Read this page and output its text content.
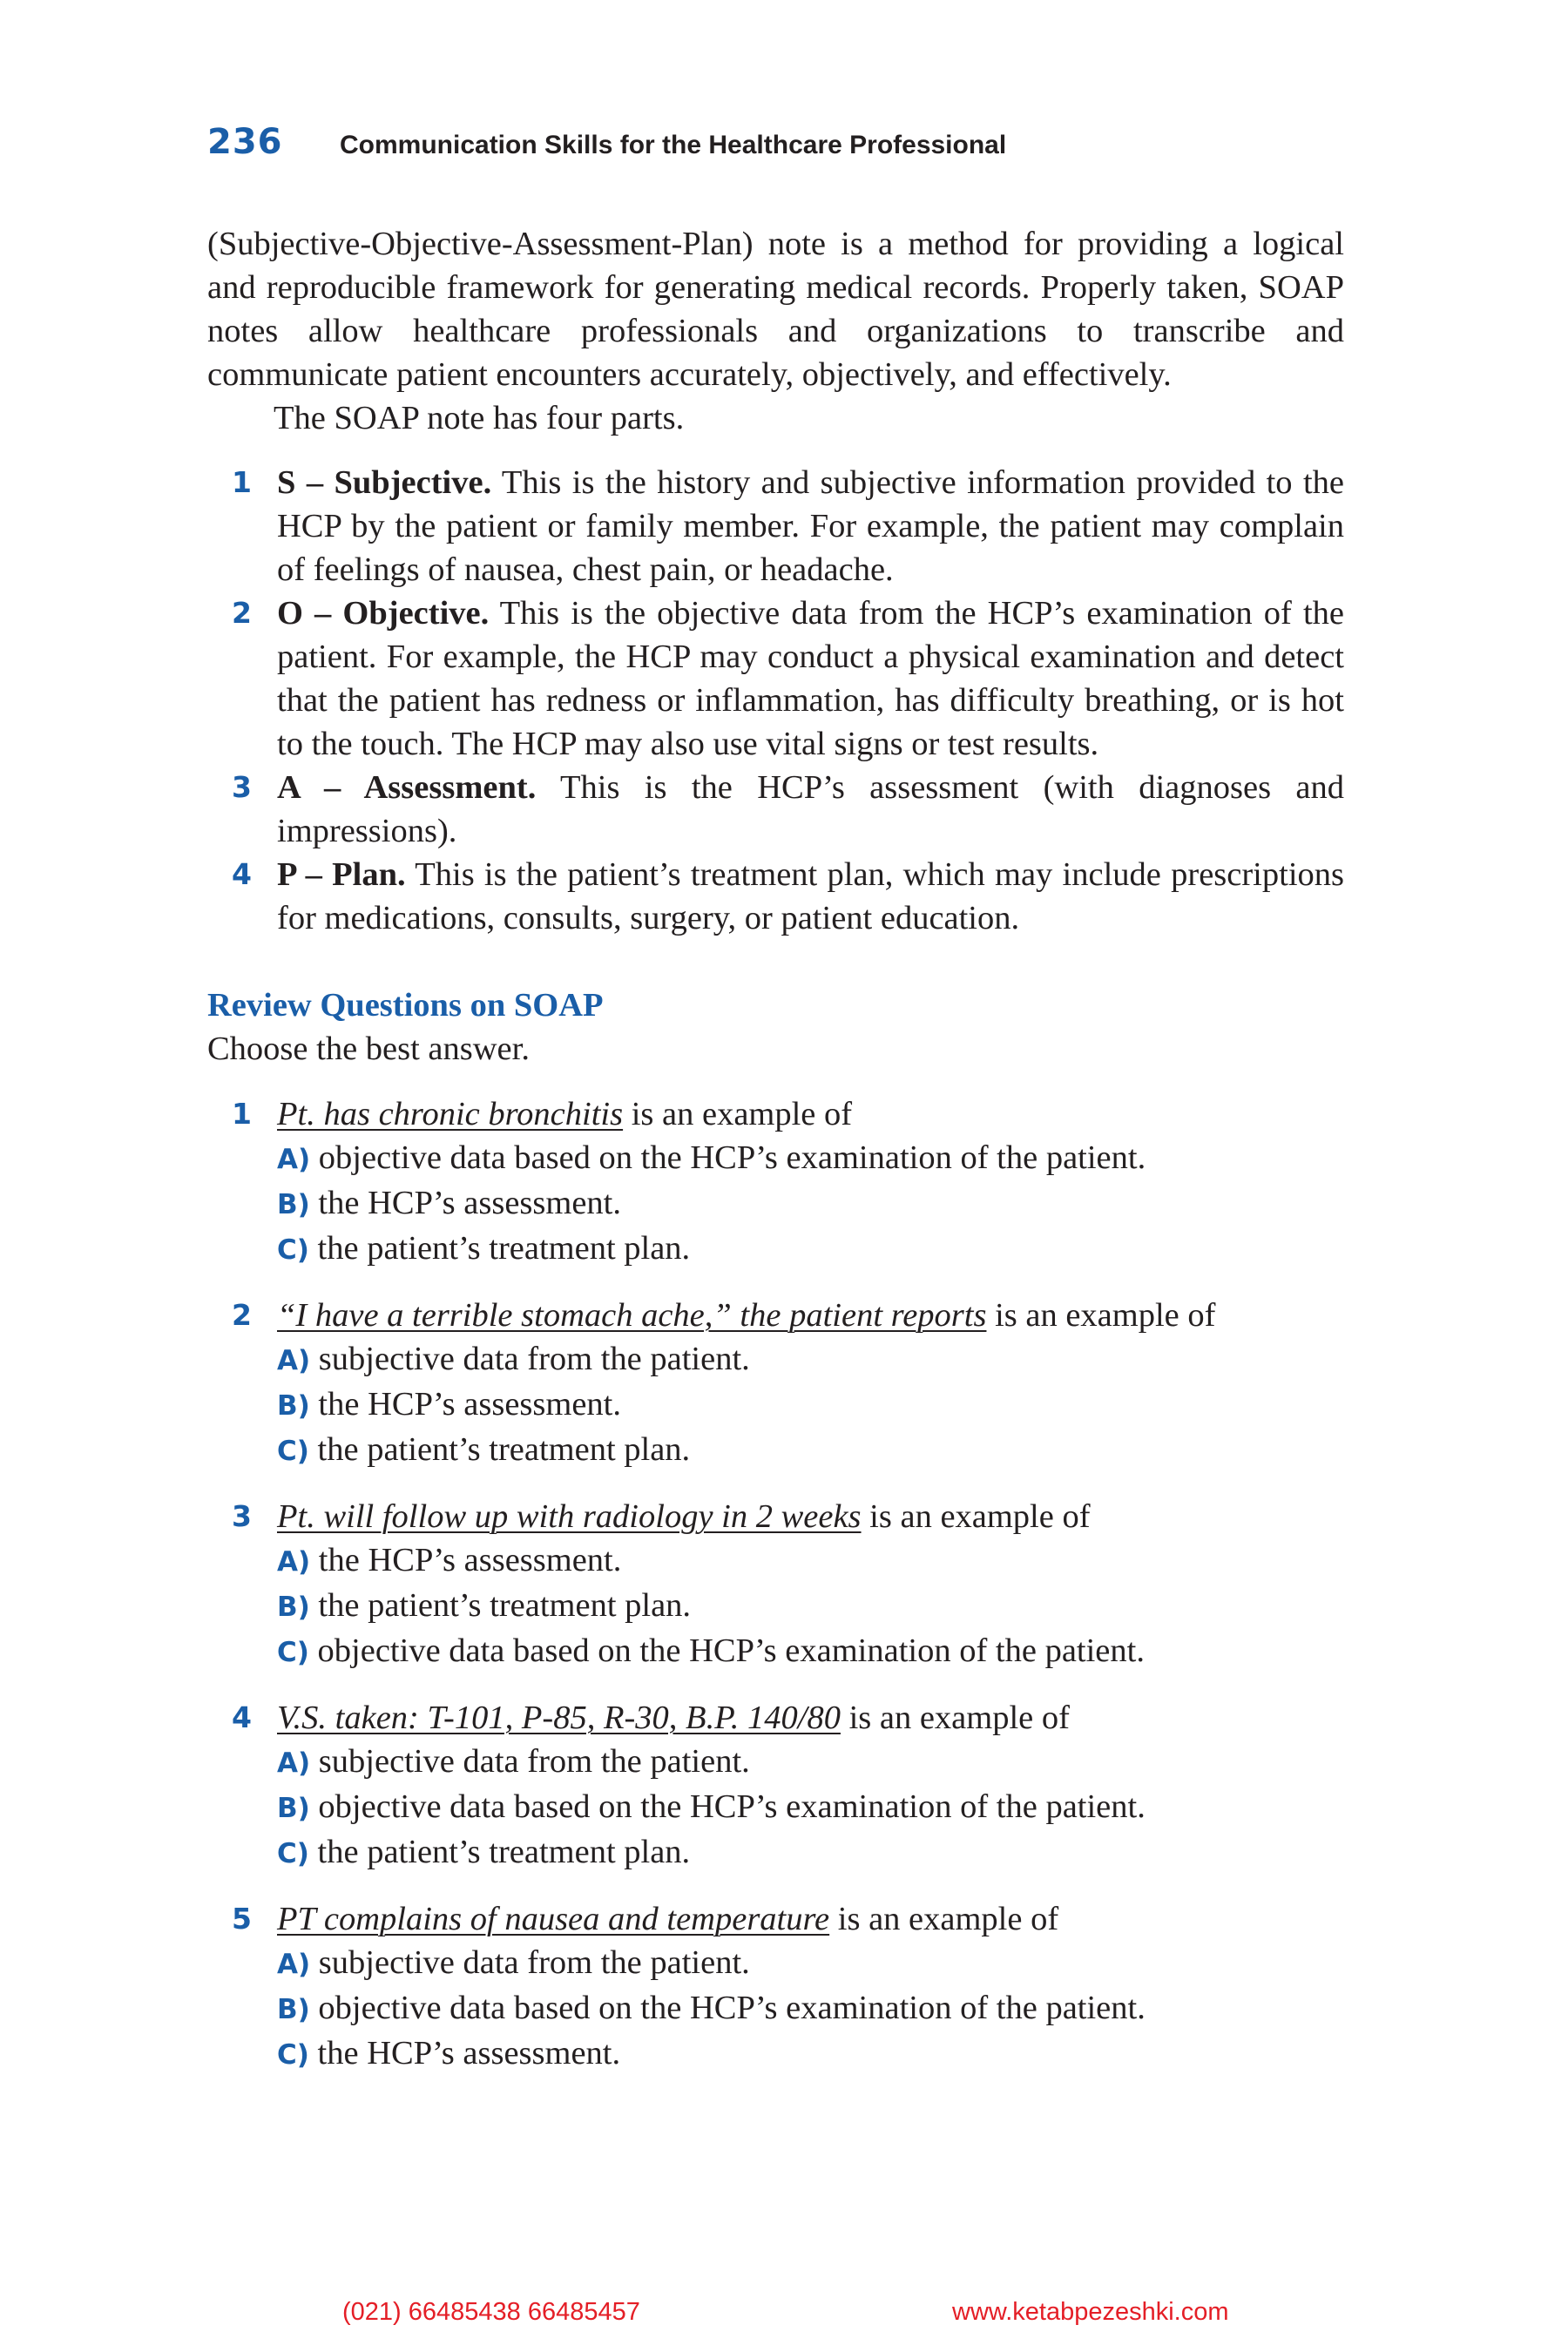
236 Communication Skills for the Healthcare Professional
(Subjective-Objective-Assessment-Plan) note is a method for providing a logical and reproducible framework for generating medical records. Properly taken, SOAP notes allow healthcare professionals and organizations to transcribe and communicate patient encounters accurately, objectively, and effectively.
The SOAP note has four parts.
1 S – Subjective. This is the history and subjective information provided to the HCP by the patient or family member. For example, the patient may complain of feelings of nausea, chest pain, or headache.
2 O – Objective. This is the objective data from the HCP’s examination of the patient. For example, the HCP may conduct a physical examination and detect that the patient has redness or inflammation, has difficulty breathing, or is hot to the touch. The HCP may also use vital signs or test results.
3 A – Assessment. This is the HCP’s assessment (with diagnoses and impressions).
4 P – Plan. This is the patient’s treatment plan, which may include prescriptions for medications, consults, surgery, or patient education.
Review Questions on SOAP
Choose the best answer.
1 Pt. has chronic bronchitis is an example of
A) objective data based on the HCP’s examination of the patient.
B) the HCP’s assessment.
C) the patient’s treatment plan.
2 “I have a terrible stomach ache,” the patient reports is an example of
A) subjective data from the patient.
B) the HCP’s assessment.
C) the patient’s treatment plan.
3 Pt. will follow up with radiology in 2 weeks is an example of
A) the HCP’s assessment.
B) the patient’s treatment plan.
C) objective data based on the HCP’s examination of the patient.
4 V.S. taken: T-101, P-85, R-30, B.P. 140/80 is an example of
A) subjective data from the patient.
B) objective data based on the HCP’s examination of the patient.
C) the patient’s treatment plan.
5 PT complains of nausea and temperature is an example of
A) subjective data from the patient.
B) objective data based on the HCP’s examination of the patient.
C) the HCP’s assessment.
(021) 66485438 66485457	www.ketabpezeshki.com
